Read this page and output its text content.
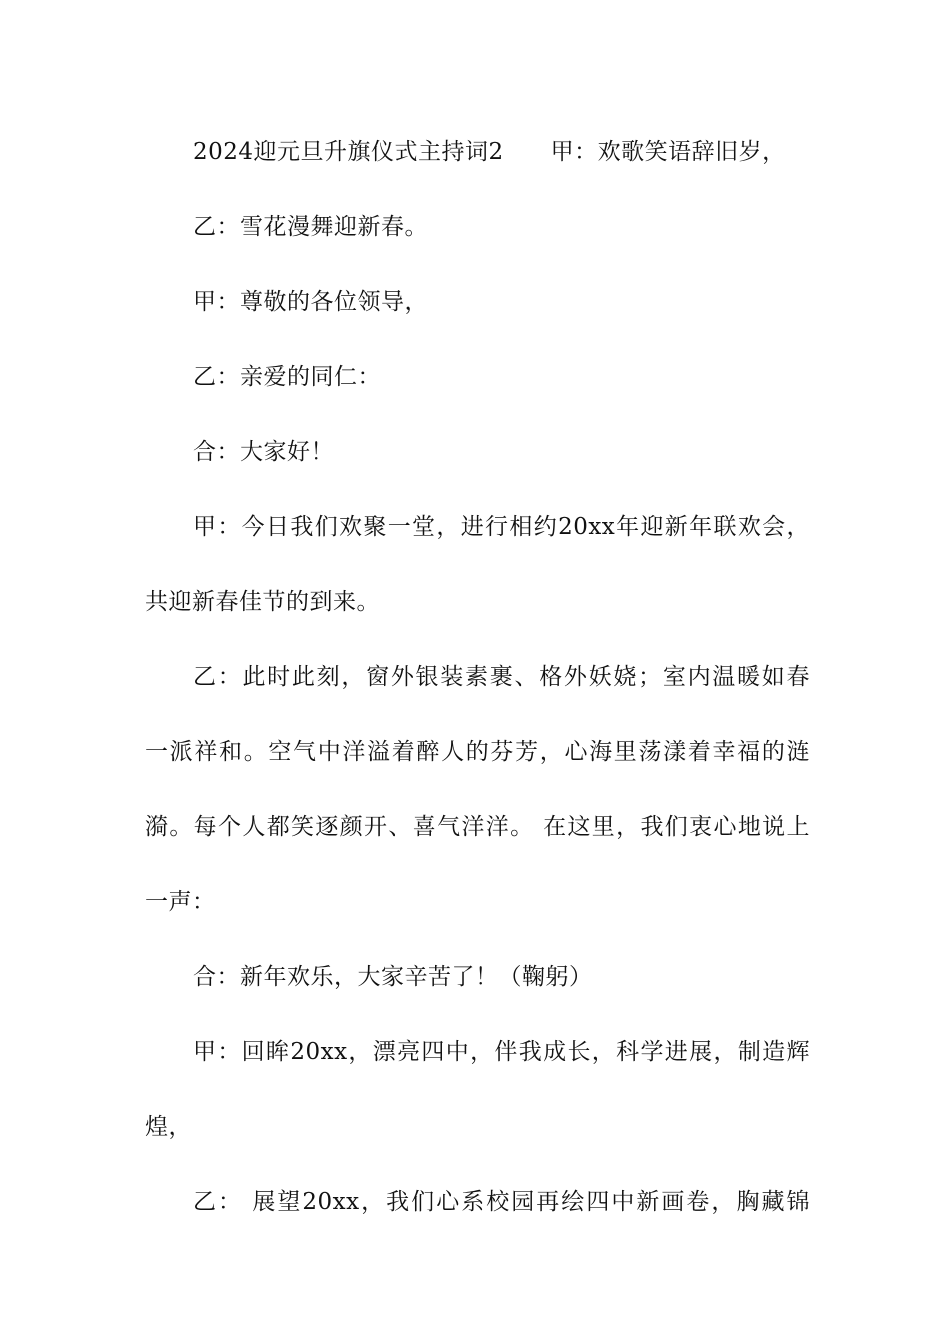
2024迎元旦升旗仪式主持词2　　甲：欢歌笑语辞旧岁，
乙：雪花漫舞迎新春。
甲：尊敬的各位领导，
乙：亲爱的同仁：
合：大家好！
甲：今日我们欢聚一堂，进行相约20xx年迎新年联欢会，
共迎新春佳节的到来。
乙：此时此刻，窗外银装素裹、格外妖娆；室内温暖如春
一派祥和。空气中洋溢着醉人的芬芳，心海里荡漾着幸福的涟
漪。每个人都笑逐颜开、喜气洋洋。 在这里，我们衷心地说上
一声：
合：新年欢乐，大家辛苦了！（鞠躬）
甲：回眸20xx，漂亮四中，伴我成长，科学进展，制造辉
煌，
乙： 展望20xx，我们心系校园再绘四中新画卷，胸藏锦
